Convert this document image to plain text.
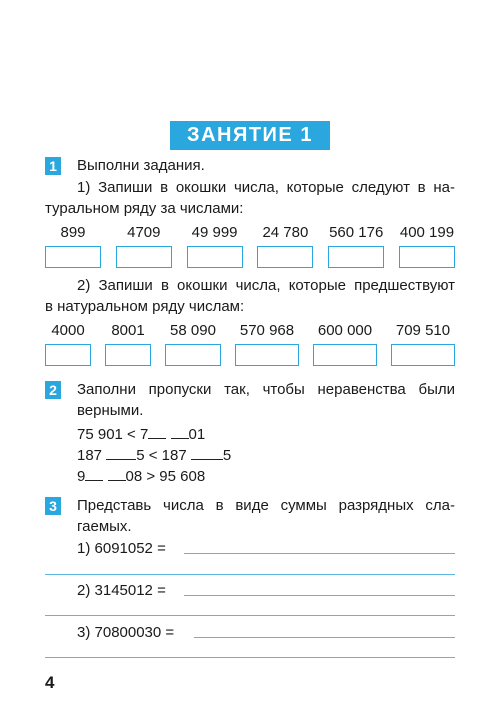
ЗАНЯТИЕ 1
1 Выполни задания.
1) Запиши в окошки числа, которые следуют в на-
туральном ряду за числами:
899	4709 49 999 24 780 560 176 400 199
2) Запиши в окошки числа, которые предшествуют
в натуральном ряду числам:
4000 8001 58 090 570 968 600 000 709 510
2 Заполни пропуски так, чтобы неравенства были
верными.
75 901 < 7	01
187 5 < 187 5
9	08 > 95 608
3 Представь числа в виде суммы разрядных сла-
гаемых.
1) 6091052 =
2) 3145012 =
3) 70800030 =
4
